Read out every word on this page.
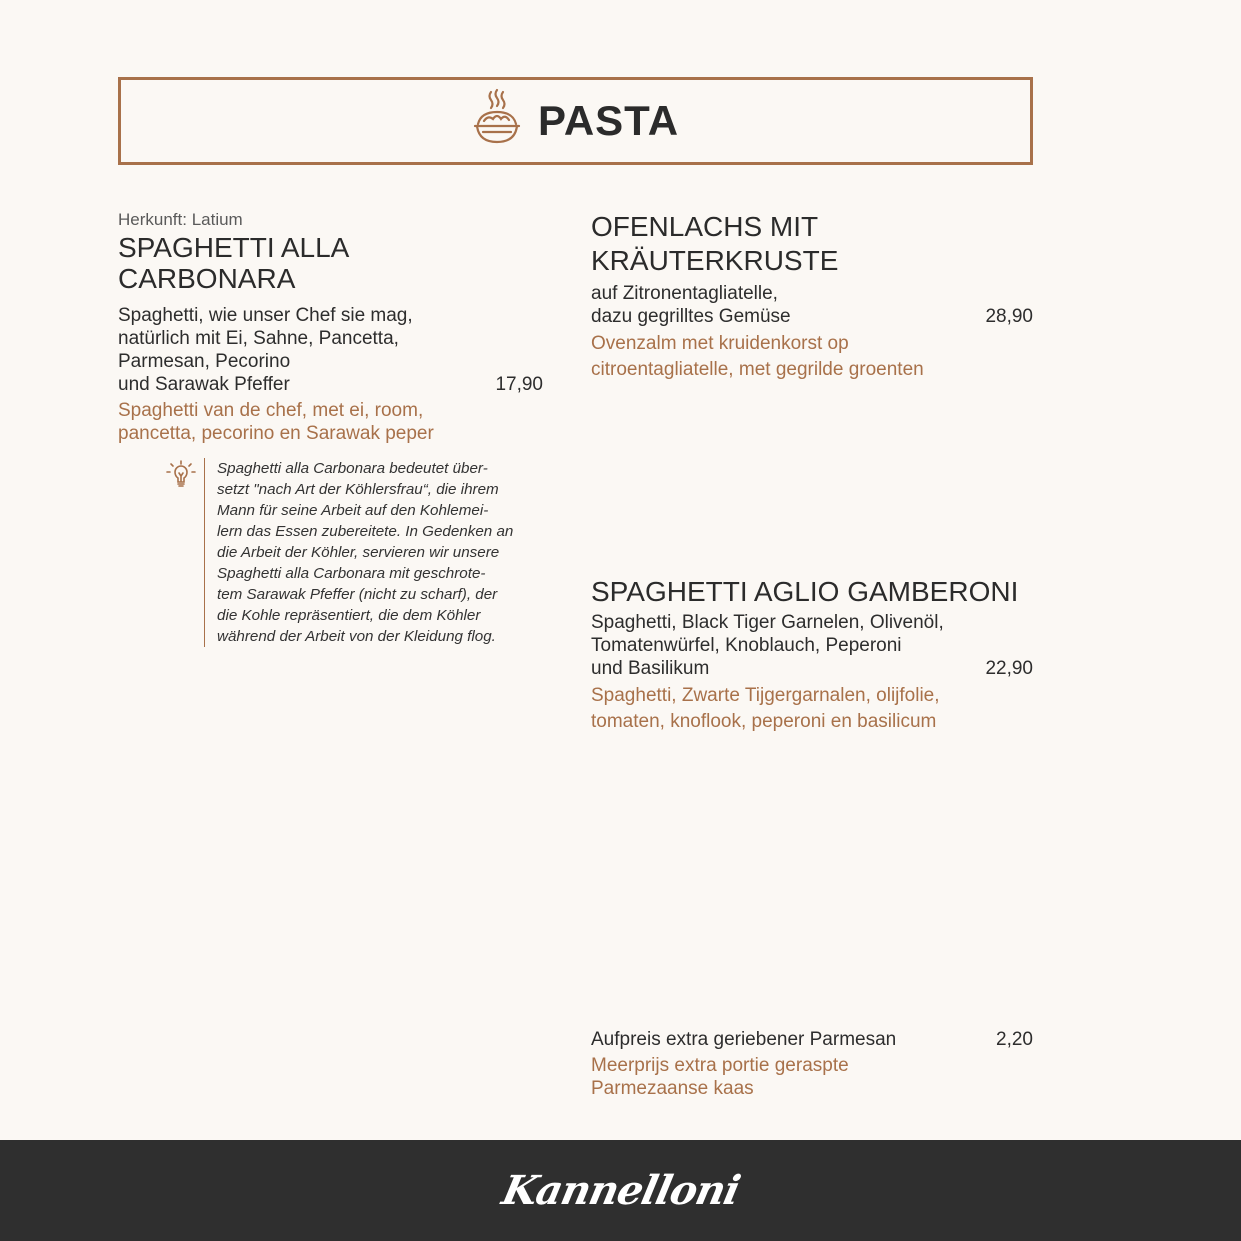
PASTA
Herkunft: Latium
SPAGHETTI ALLA
CARBONARA
Spaghetti, wie unser Chef sie mag,
natürlich mit Ei, Sahne, Pancetta,
Parmesan, Pecorino
und Sarawak Pfeffer	17,90
Spaghetti van de chef, met ei, room,
pancetta, pecorino en Sarawak peper
Spaghetti alla Carbonara bedeutet über-
setzt "nach Art der Köhlersfrau“, die ihrem
Mann für seine Arbeit auf den Kohlemei-
lern das Essen zubereitete. In Gedenken an
die Arbeit der Köhler, servieren wir unsere
Spaghetti alla Carbonara mit geschrote-
tem Sarawak Pfeffer (nicht zu scharf), der
die Kohle repräsentiert, die dem Köhler
während der Arbeit von der Kleidung flog.
OFENLACHS MIT
KRÄUTERKRUSTE
auf Zitronentagliatelle,
dazu gegrilltes Gemüse	28,90
Ovenzalm met kruidenkorst op
citroentagliatelle, met gegrilde groenten
SPAGHETTI AGLIO GAMBERONI
Spaghetti, Black Tiger Garnelen, Olivenöl,
Tomatenwürfel, Knoblauch, Peperoni
und Basilikum	22,90
Spaghetti, Zwarte Tijgergarnalen, olijfolie,
tomaten, knoflook, peperoni en basilicum
Aufpreis extra geriebener Parmesan	2,20
Meerprijs extra portie geraspte
Parmezaanse kaas
Kannelloni
